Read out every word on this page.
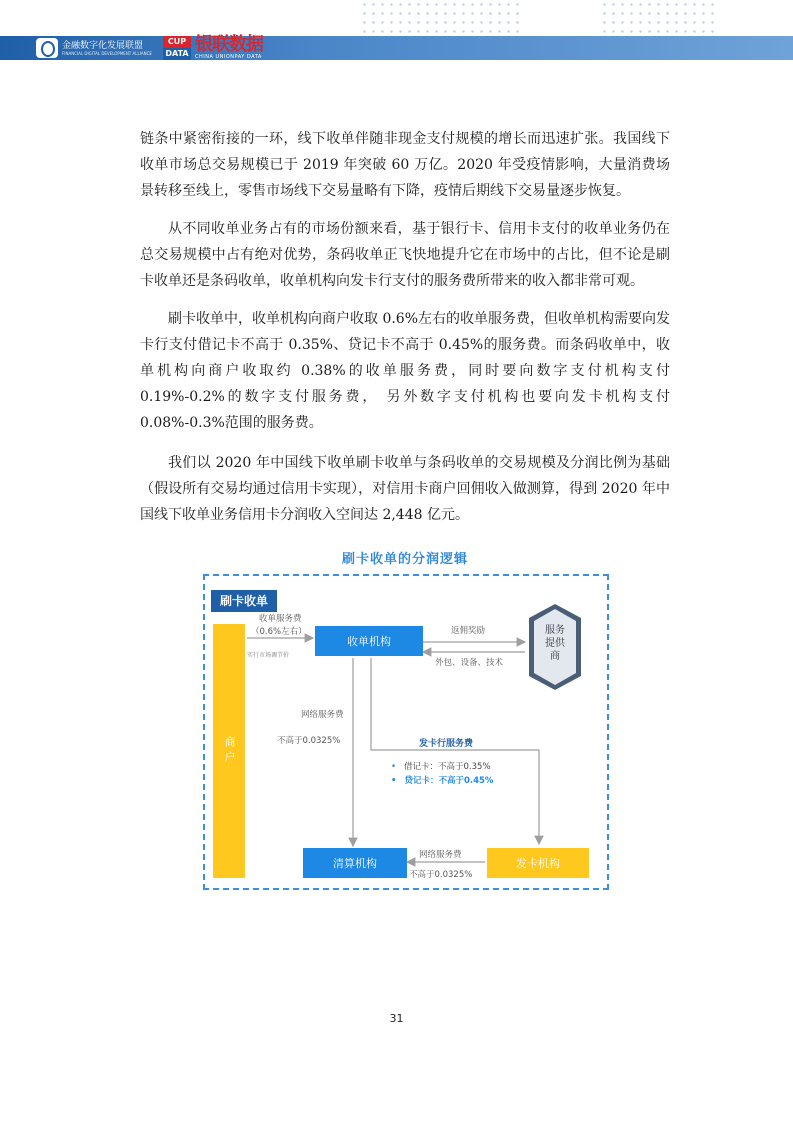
金融数字化发展联盟
FINANCIAL DIGITAL DEVELOPMENT ALLIANCE
CUP
DATA 银联数据
CHINA UNIONPAY DATA

链条中紧密衔接的一环，线下收单伴随非现金支付规模的增长而迅速扩张。我国线下收单市场总交易规模已于 2019 年突破 60 万亿。2020 年受疫情影响，大量消费场景转移至线上，零售市场线下交易量略有下降，疫情后期线下交易量逐步恢复。

从不同收单业务占有的市场份额来看，基于银行卡、信用卡支付的收单业务仍在总交易规模中占有绝对优势，条码收单正飞快地提升它在市场中的占比，但不论是刷卡收单还是条码收单，收单机构向发卡行支付的服务费所带来的收入都非常可观。

刷卡收单中，收单机构向商户收取 0.6%左右的收单服务费，但收单机构需要向发卡行支付借记卡不高于 0.35%、贷记卡不高于 0.45%的服务费。而条码收单中，收单机构向商户收取约 0.38%的收单服务费，同时要向数字支付机构支付 0.19%-0.2%的数字支付服务费， 另外数字支付机构也要向发卡机构支付 0.08%-0.3%范围的服务费。

我们以 2020 年中国线下收单刷卡收单与条码收单的交易规模及分润比例为基础（假设所有交易均通过信用卡实现），对信用卡商户回佣收入做测算，得到 2020 年中国线下收单业务信用卡分润收入空间达 2,448 亿元。

刷卡收单的分润逻辑
刷卡收单
商户
收单服务费
（0.6%左右）
实行市场调节价
收单机构
返佣奖励
外包、设备、技术
服务提供商
网络服务费
不高于0.0325%	发卡行服务费
• 借记卡：不高于0.35%
• 贷记卡：不高于0.45%
清算机构	发卡机构
网络服务费
不高于0.0325%
31
